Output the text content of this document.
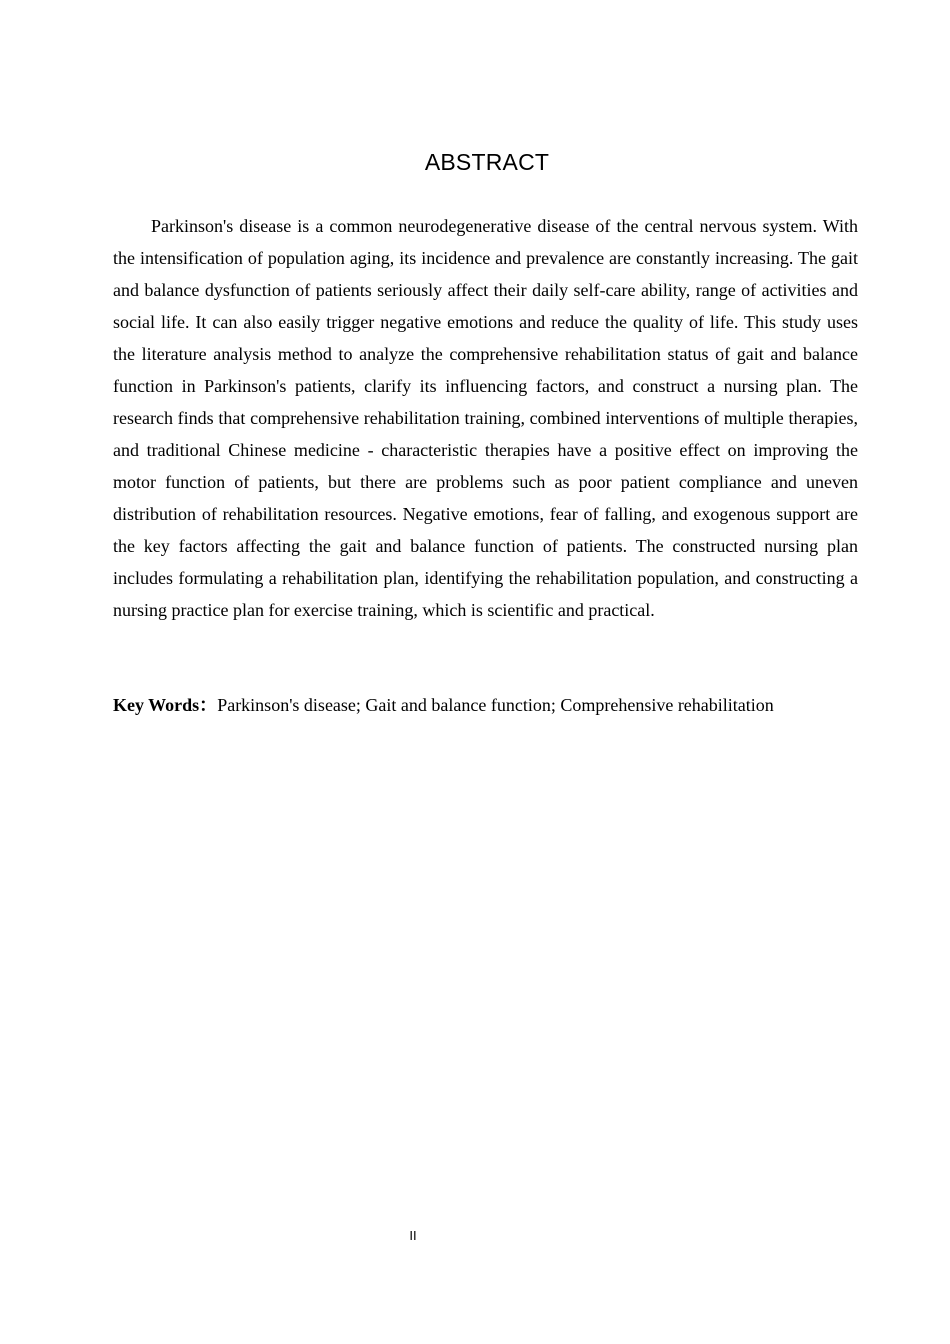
ABSTRACT

Parkinson's disease is a common neurodegenerative disease of the central nervous system. With the intensification of population aging, its incidence and prevalence are constantly increasing. The gait and balance dysfunction of patients seriously affect their daily self-care ability, range of activities and social life. It can also easily trigger negative emotions and reduce the quality of life. This study uses the literature analysis method to analyze the comprehensive rehabilitation status of gait and balance function in Parkinson's patients, clarify its influencing factors, and construct a nursing plan. The research finds that comprehensive rehabilitation training, combined interventions of multiple therapies, and traditional Chinese medicine - characteristic therapies have a positive effect on improving the motor function of patients, but there are problems such as poor patient compliance and uneven distribution of rehabilitation resources. Negative emotions, fear of falling, and exogenous support are the key factors affecting the gait and balance function of patients. The constructed nursing plan includes formulating a rehabilitation plan, identifying the rehabilitation population, and constructing a nursing practice plan for exercise training, which is scientific and practical.

Key Words：Parkinson's disease; Gait and balance function; Comprehensive rehabilitation

II
